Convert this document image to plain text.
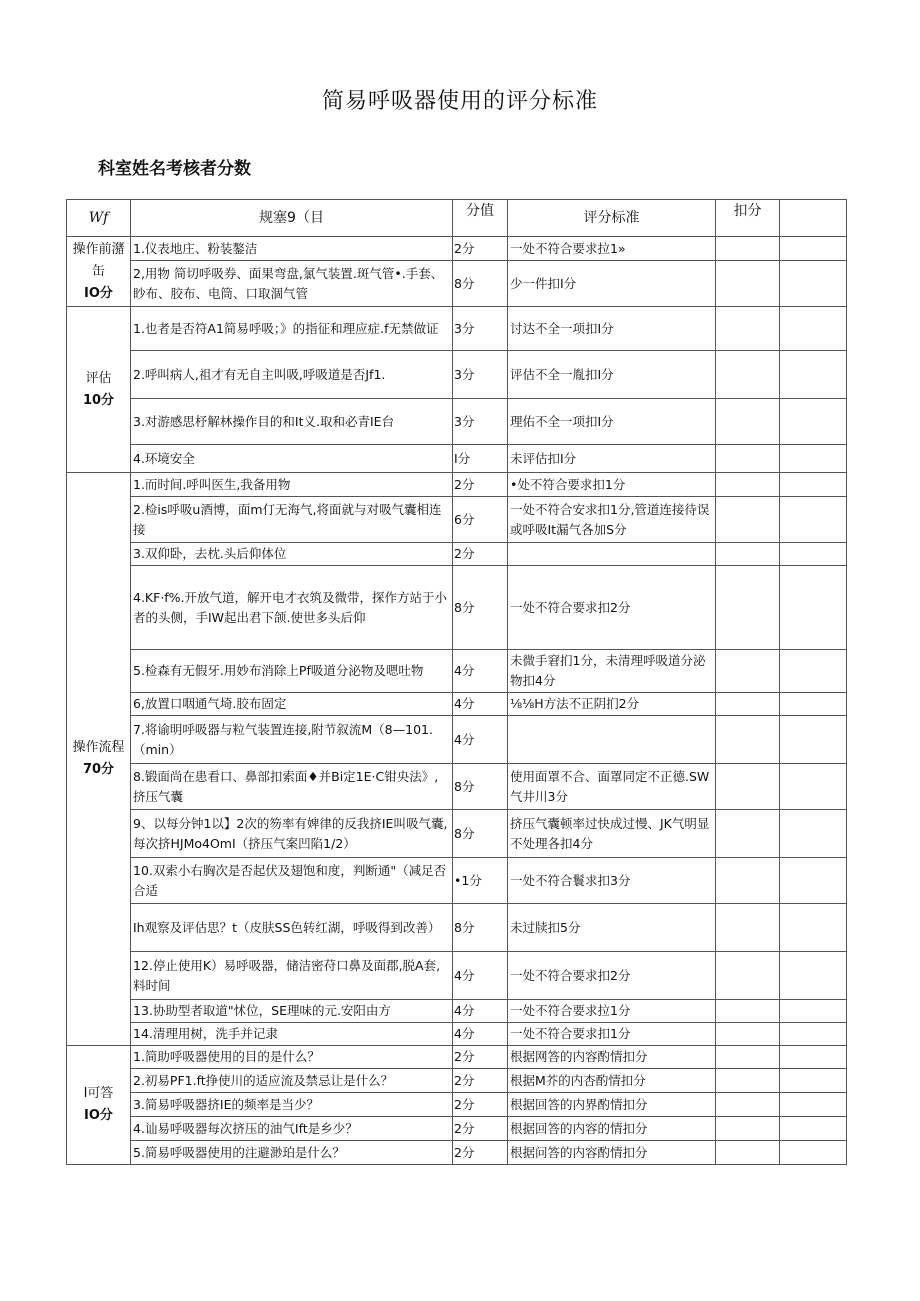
简易呼吸器使用的评分标准
科室姓名考核者分数
Wf	规塞9（目	分值	评分标准	扣分	

操作前潴缶
IO分	1.仪表地庄、粉装鏊洁	2分	一处不符合要求拉1»		
	2,用物 简切呼吸券、面果弯盘,氯气装置.斑气管•.手套、眇布、胶布、电筒、口取涸气管	8分	少一件扣I分		

评估
10分	1.也者是否符A1简易呼吸；》的指征和理应症.f无禁做证	3分	讨达不全一项扣I分		
	2.呼叫病人,祖才有无自主叫吸,呼吸道是否Jf1.	3分	评估不全一胤扣I分		
	3.对游感思杼解林操作目的和It义.取和必青IE台	3分	理佑不全一项扣I分		
	4.环境安全	I分	未评估扣I分		

操作流程
70分	1.而时间.呼叫医生,我备用物	2分	•处不符合要求扣1分		
	2.检is呼吸u酒博，面m仃无海气,将面就与对吸气囊相连接	6分	一处不符合安求扣1分,管道连接待误或呼吸It漏气各加S分		
	3.双仰卧，去枕.头后仰体位	2分			
	4.KF·f%.开放气道，解开电才衣筑及微带，探作方站于小者的头侧，手IW起出君下颌.使世多头后仰	8分	一处不符合要求扣2分		
	5.检森有无假牙.用妙布消除上Pf吸道分泌物及嗯吐物	4分	未微手窘扪1分，未清理呼吸道分泌物扣4分		
	6,放置口咽通气埼.胶布固定	4分	⅛⅛H方法不正阴扪2分		
	7.将谕明呼吸器与粒气装置连接,附节叙流M（8—101.（min）	4分			
	8.锻面尚在患看口、鼻部扣索面♦并Bi定1E·C钳央法》,挤压气囊	8分	使用面罩不合、面罩同定不正德.SW气井川3分		
	9、以每分钟1以】2次的笏率有婢律的反我挤IE叫吸气囊,每次挤HJMo4OmI（挤压气案凹陷1/2）	8分	挤压气囊顿率过快成过慢、JK气明显不处理各扣4分		
	10.双索小右胸次是否起伏及翅饱和度，判断通"（减足否合适	•1分	一处不符合鬟求扣3分		
	Ih观察及评估思？t（皮肤SS色转红湖，呼吸得到改善）	8分	未过牍扣5分		
	12.停止使用K）易呼吸器，储洁密苻口鼻及面郡,脱A套,料时间	4分	一处不符合要求扣2分		
	13.协助型者取道"怵位，SE理味的元.安阳由方	4分	一处不符合要求拉1分		
	14.清理用树，洗手并记隶	4分	一处不符合要求扣1分		

I可答
IO分	1.简助呼吸器使用的目的是什么？	2分	根据网答的内容酌情扣分		
	2.初易PF1.ft挣使川的适应流及禁忌让是什么？	2分	根据M芥的内杏酌情扣分		
	3.简易呼吸器挤IE的频率是当少？	2分	根据回答的内界酌情扣分		
	4.讪易呼吸器每次挤压的油气Ift是乡少？	2分	根据回答的内容的情扣分		
	5.简易呼吸器使用的注避渺珀是什么？	2分	根据问答的内容酌情扣分		
